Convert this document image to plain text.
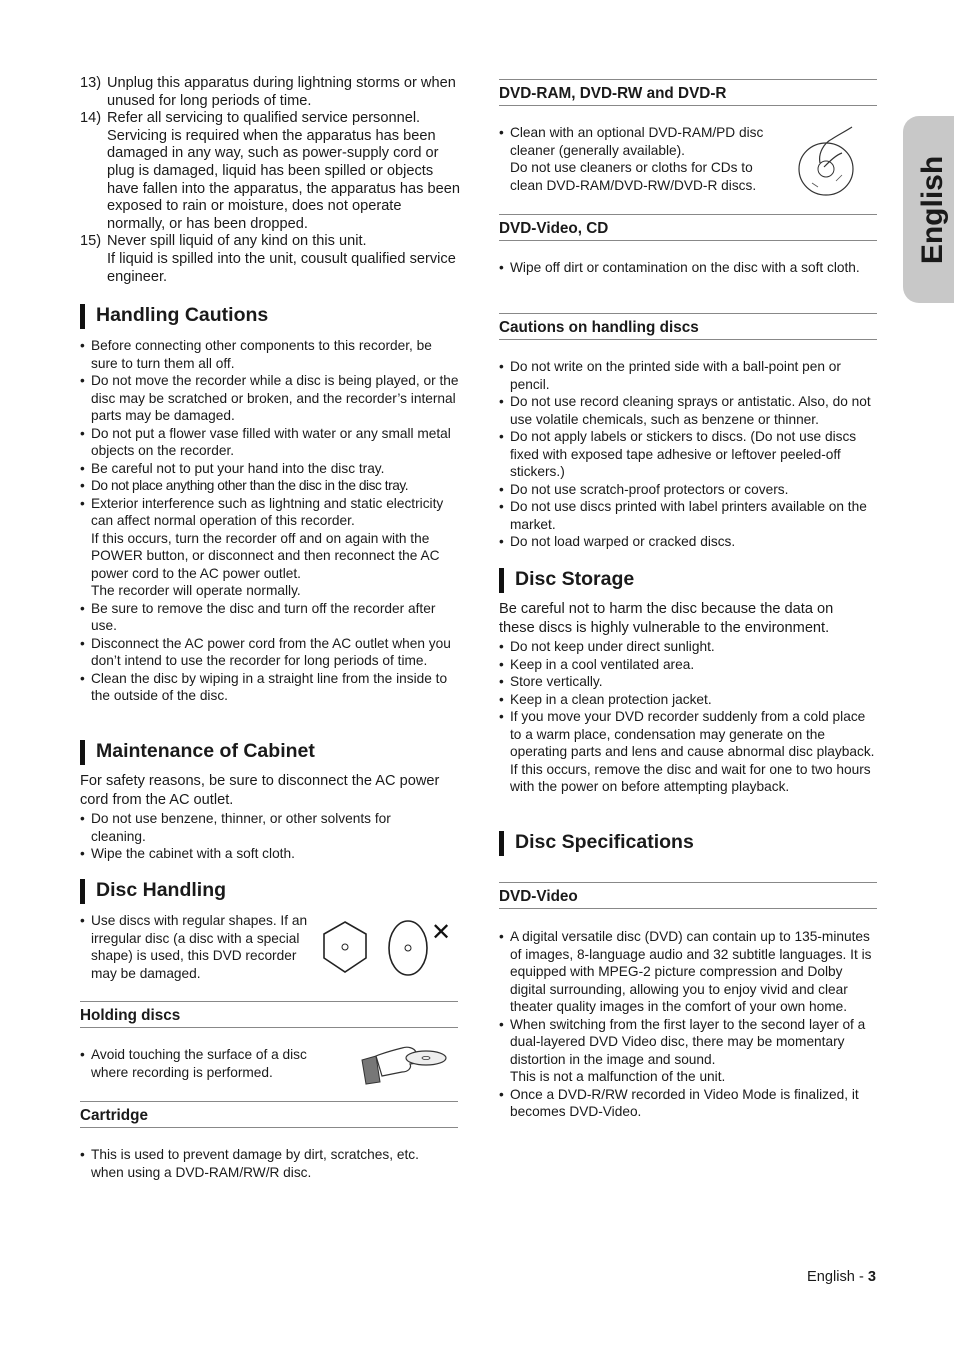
13) Unplug this apparatus during lightning storms or when unused for long periods of time.
14) Refer all servicing to qualified service personnel. Servicing is required when the apparatus has been damaged in any way, such as power-supply cord or plug is damaged, liquid has been spilled or objects have fallen into the apparatus, the apparatus has been exposed to rain or moisture, does not operate normally, or has been dropped.
15) Never spill liquid of any kind on this unit.
If liquid is spilled into the unit, cousult qualified service engineer.
Handling Cautions
• Before connecting other components to this recorder, be sure to turn them all off.
• Do not move the recorder while a disc is being played, or the disc may be scratched or broken, and the recorder’s internal parts may be damaged.
• Do not put a flower vase filled with water or any small metal objects on the recorder.
• Be careful not to put your hand into the disc tray.
• Do not place anything other than the disc in the disc tray.
• Exterior interference such as lightning and static electricity can affect normal operation of this recorder.
If this occurs, turn the recorder off and on again with the POWER button, or disconnect and then reconnect the AC power cord to the AC power outlet.
The recorder will operate normally.
• Be sure to remove the disc and turn off the recorder after use.
• Disconnect the AC power cord from the AC outlet when you don’t intend to use the recorder for long periods of time.
• Clean the disc by wiping in a straight line from the inside to the outside of the disc.
Maintenance of Cabinet
For safety reasons, be sure to disconnect the AC power cord from the AC outlet.
• Do not use benzene, thinner, or other solvents for cleaning.
• Wipe the cabinet with a soft cloth.
Disc Handling
• Use discs with regular shapes. If an irregular disc (a disc with a special shape) is used, this DVD recorder may be damaged.
✕
Holding discs
• Avoid touching the surface of a disc where recording is performed.
Cartridge
• This is used to prevent damage by dirt, scratches, etc. when using a DVD-RAM/RW/R disc.
DVD-RAM, DVD-RW and DVD-R
• Clean with an optional DVD-RAM/PD disc cleaner (generally available).
Do not use cleaners or cloths for CDs to clean DVD-RAM/DVD-RW/DVD-R discs.
DVD-Video, CD
• Wipe off dirt or contamination on the disc with a soft cloth.
Cautions on handling discs
• Do not write on the printed side with a ball-point pen or pencil.
• Do not use record cleaning sprays or antistatic. Also, do not use volatile chemicals, such as benzene or thinner.
• Do not apply labels or stickers to discs. (Do not use discs fixed with exposed tape adhesive or leftover peeled-off stickers.)
• Do not use scratch-proof protectors or covers.
• Do not use discs printed with label printers available on the market.
• Do not load warped or cracked discs.
Disc Storage
Be careful not to harm the disc because the data on these discs is highly vulnerable to the environment.
• Do not keep under direct sunlight.
• Keep in a cool ventilated area.
• Store vertically.
• Keep in a clean protection jacket.
• If you move your DVD recorder suddenly from a cold place to a warm place, condensation may generate on the operating parts and lens and cause abnormal disc playback. If this occurs, remove the disc and wait for one to two hours with the power on before attempting playback.
Disc Specifications
DVD-Video
• A digital versatile disc (DVD) can contain up to 135-minutes of images, 8-language audio and 32 subtitle languages. It is equipped with MPEG-2 picture compression and Dolby digital surrounding, allowing you to enjoy vivid and clear theater quality images in the comfort of your own home.
• When switching from the first layer to the second layer of a dual-layered DVD Video disc, there may be momentary distortion in the image and sound.
This is not a malfunction of the unit.
• Once a DVD-R/RW recorded in Video Mode is finalized, it becomes DVD-Video.
English
English - 3
